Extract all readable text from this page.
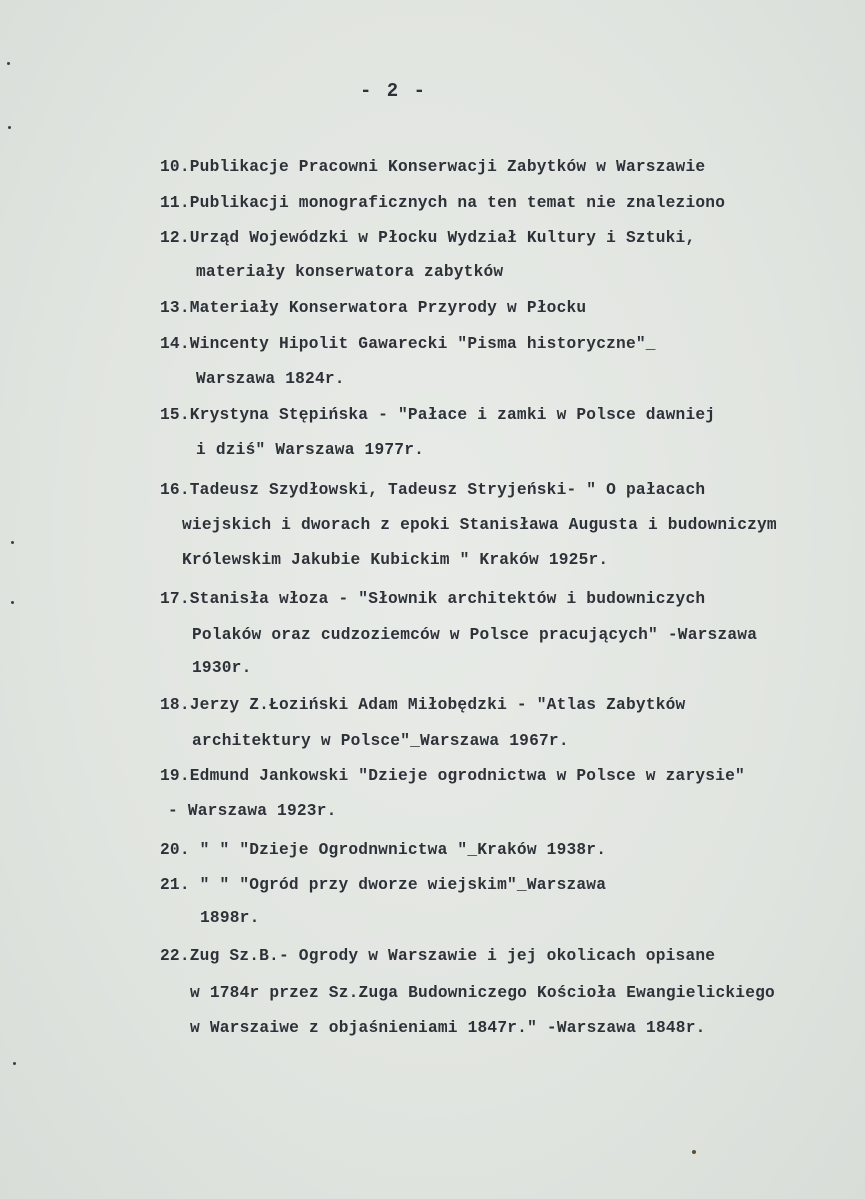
- 2 -
10.Publikacje Pracowni Konserwacji Zabytków w Warszawie
11.Publikacji monograficznych na ten temat nie znaleziono
12.Urząd Wojewódzki w Płocku Wydział Kultury i Sztuki,
materiały konserwatora zabytków
13.Materiały Konserwatora Przyrody w Płocku
14.Wincenty Hipolit Gawarecki "Pisma historyczne"_
Warszawa 1824r.
15.Krystyna Stępińska - "Pałace i zamki w Polsce dawniej
i dziś" Warszawa 1977r.
16.Tadeusz Szydłowski, Tadeusz Stryjeński- " O pałacach
wiejskich i dworach z epoki Stanisława Augusta i budowniczym
Królewskim Jakubie Kubickim " Kraków 1925r.
17.Stanisła włoza - "Słownik architektów i budowniczych
Polaków oraz cudzoziemców w Polsce pracujących" -Warszawa
1930r.
18.Jerzy Z.Łoziński Adam Miłobędzki - "Atlas Zabytków
architektury w Polsce"_Warszawa 1967r.
19.Edmund Jankowski "Dzieje ogrodnictwa w Polsce w zarysie"
- Warszawa 1923r.
20. " " "Dzieje Ogrodnwnictwa "_Kraków 1938r.
21. " " "Ogród przy dworze wiejskim"_Warszawa
1898r.
22.Zug Sz.B.- Ogrody w Warszawie i jej okolicach opisane
w 1784r przez Sz.Zuga Budowniczego Kościoła Ewangielickiego
w Warszaiwe z objaśnieniami 1847r." -Warszawa 1848r.
